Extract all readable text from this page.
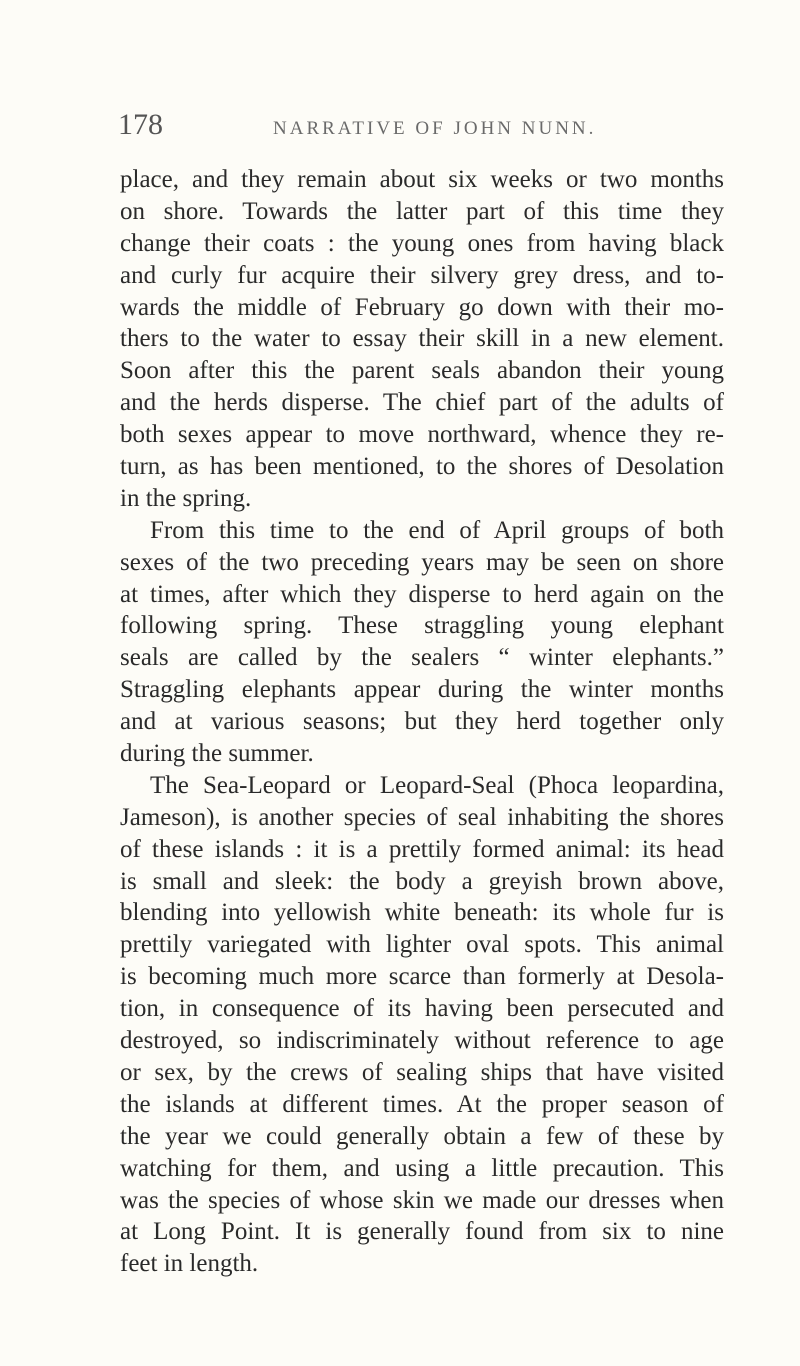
178	NARRATIVE OF JOHN NUNN.
place, and they remain about six weeks or two months
on shore. Towards the latter part of this time they
change their coats : the young ones from having black
and curly fur acquire their silvery grey dress, and to-
wards the middle of February go down with their mo-
thers to the water to essay their skill in a new element.
Soon after this the parent seals abandon their young
and the herds disperse. The chief part of the adults of
both sexes appear to move northward, whence they re-
turn, as has been mentioned, to the shores of Desolation
in the spring.
From this time to the end of April groups of both
sexes of the two preceding years may be seen on shore
at times, after which they disperse to herd again on the
following spring. These straggling young elephant
seals are called by the sealers “ winter elephants.”
Straggling elephants appear during the winter months
and at various seasons; but they herd together only
during the summer.
The Sea-Leopard or Leopard-Seal (Phoca leopardina,
Jameson), is another species of seal inhabiting the shores
of these islands : it is a prettily formed animal: its head
is small and sleek: the body a greyish brown above,
blending into yellowish white beneath: its whole fur is
prettily variegated with lighter oval spots. This animal
is becoming much more scarce than formerly at Desola-
tion, in consequence of its having been persecuted and
destroyed, so indiscriminately without reference to age
or sex, by the crews of sealing ships that have visited
the islands at different times. At the proper season of
the year we could generally obtain a few of these by
watching for them, and using a little precaution. This
was the species of whose skin we made our dresses when
at Long Point. It is generally found from six to nine
feet in length.
